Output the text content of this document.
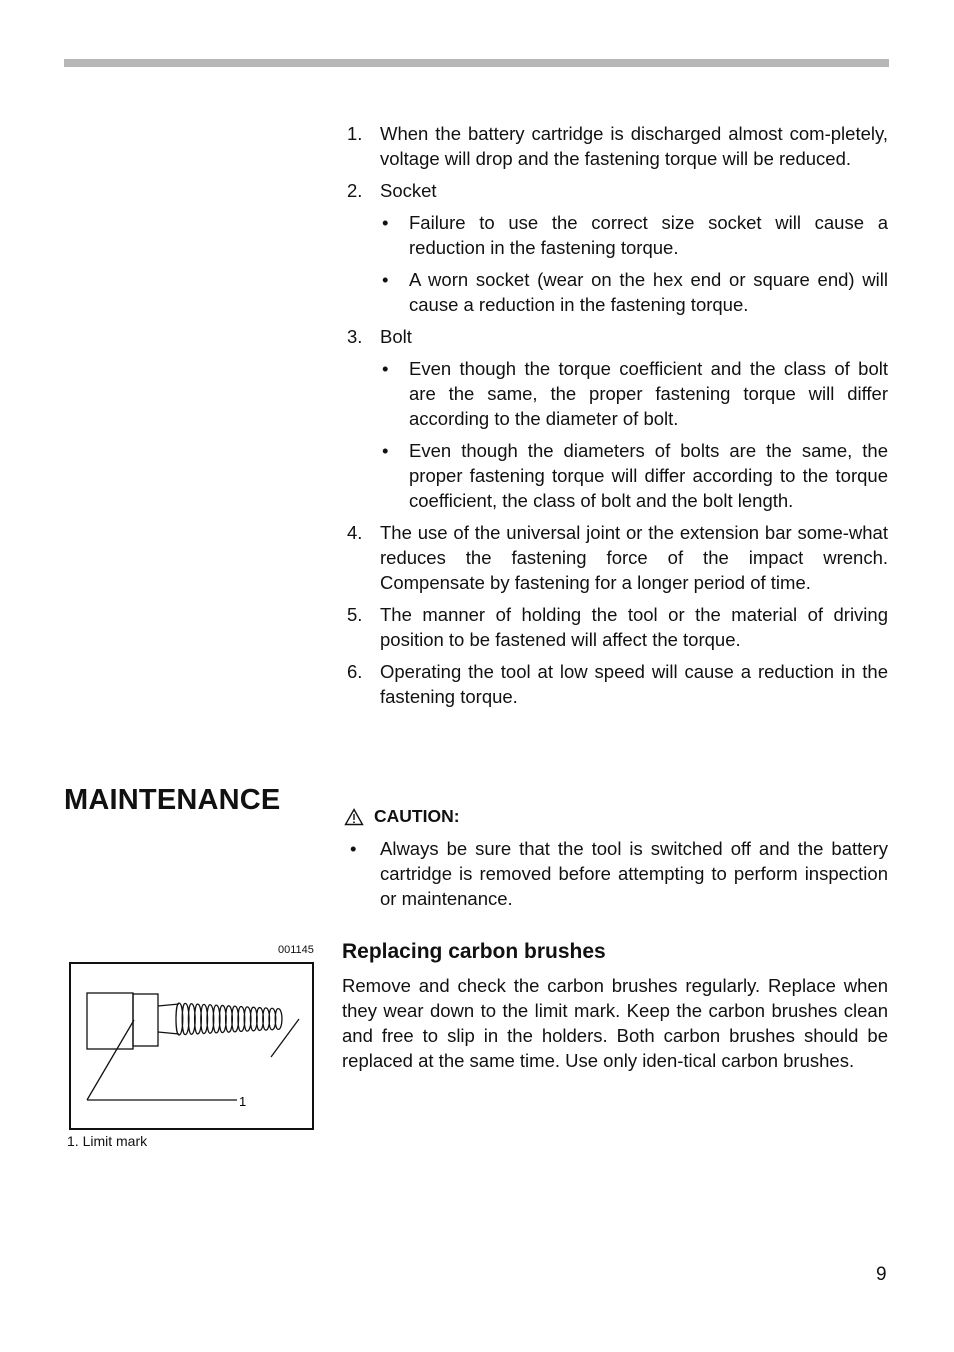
1. When the battery cartridge is discharged almost com-pletely, voltage will drop and the fastening torque will be reduced.
2. Socket
•	Failure to use the correct size socket will cause a reduction in the fastening torque.
•	A worn socket (wear on the hex end or square end) will cause a reduction in the fastening torque.
3. Bolt
•	Even though the torque coefficient and the class of bolt are the same, the proper fastening torque will differ according to the diameter of bolt.
•	Even though the diameters of bolts are the same, the proper fastening torque will differ according to the torque coefficient, the class of bolt and the bolt length.
4. The use of the universal joint or the extension bar some-what reduces the fastening force of the impact wrench. Compensate by fastening for a longer period of time.
5. The manner of holding the tool or the material of driving position to be fastened will affect the torque.
6. Operating the tool at low speed will cause a reduction in the fastening torque.
MAINTENANCE	CAUTION:
•	Always be sure that the tool is switched off and the battery cartridge is removed before attempting to perform inspection or maintenance.
Replacing carbon brushes

Remove and check the carbon brushes regularly. Replace when they wear down to the limit mark. Keep the carbon brushes clean and free to slip in the holders. Both carbon brushes should be replaced at the same time. Use only iden-tical carbon brushes.

001145
1
1. Limit mark
9
